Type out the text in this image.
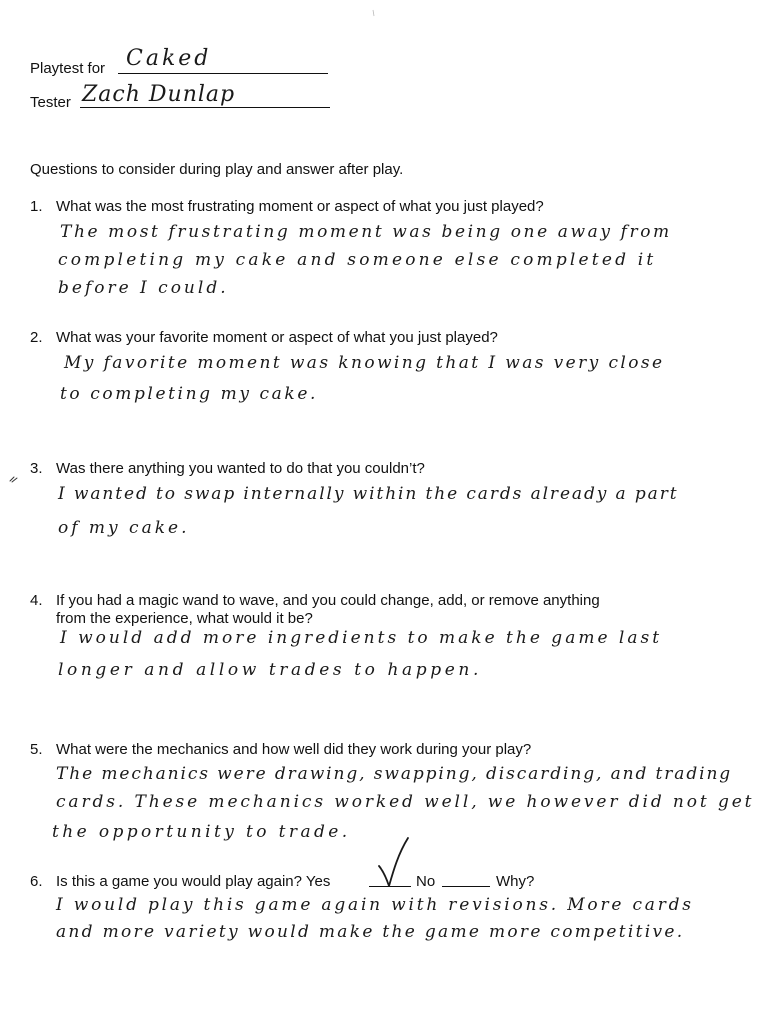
Playtest for Caked
Tester Zach Dunlap
Questions to consider during play and answer after play.
1. What was the most frustrating moment or aspect of what you just played?
The most frustrating moment was being one away from
completing my cake and someone else completed it
before I could.
2. What was your favorite moment or aspect of what you just played?
My favorite moment was knowing that I was very close
to completing my cake.
3. Was there anything you wanted to do that you couldn’t?
I wanted to swap internally within the cards already a part
of my cake.
4. If you had a magic wand to wave, and you could change, add, or remove anything
from the experience, what would it be?
I would add more ingredients to make the game last
longer and allow trades to happen.
5. What were the mechanics and how well did they work during your play?
The mechanics were drawing, swapping, discarding, and trading
cards. These mechanics worked well, we however did not get
the opportunity to trade.
6. Is this a game you would play again? Yes	No	Why?
I would play this game again with revisions. More cards
and more variety would make the game more competitive.
